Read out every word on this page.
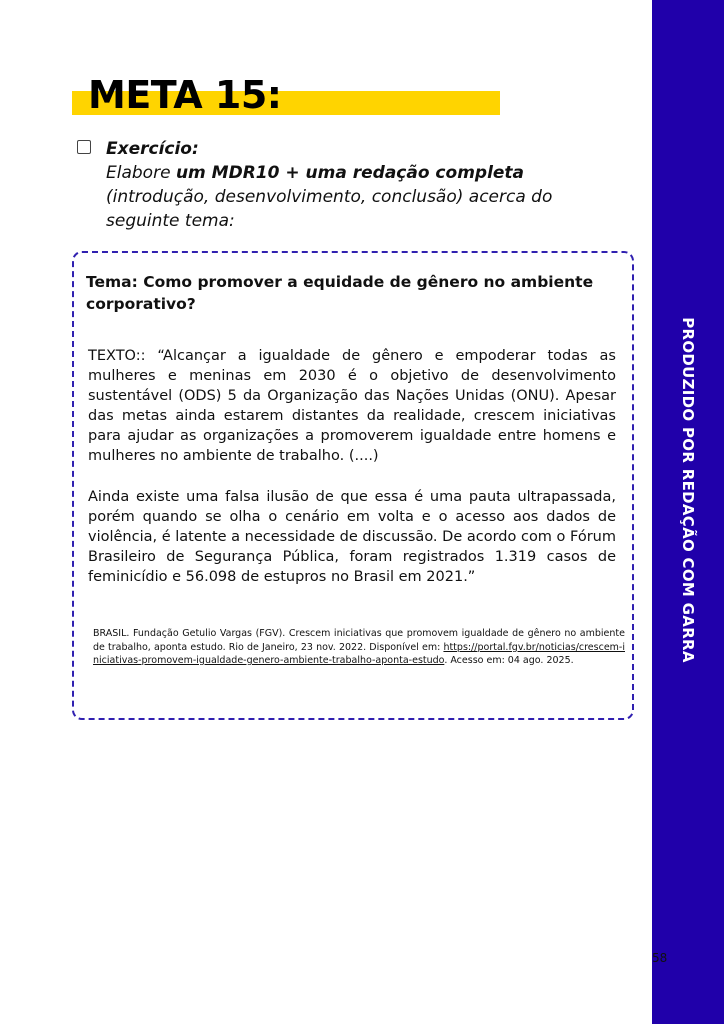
META 15:
Exercício:
Elabore um MDR10 + uma redação completa (introdução, desenvolvimento, conclusão) acerca do seguinte tema:
Tema: Como promover a equidade de gênero no ambiente corporativo?

TEXTO:: “Alcançar a igualdade de gênero e empoderar todas as mulheres e meninas em 2030 é o objetivo de desenvolvimento sustentável (ODS) 5 da Organização das Nações Unidas (ONU). Apesar das metas ainda estarem distantes da realidade, crescem iniciativas para ajudar as organizações a promoverem igualdade entre homens e mulheres no ambiente de trabalho. (....)

Ainda existe uma falsa ilusão de que essa é uma pauta ultrapassada, porém quando se olha o cenário em volta e o acesso aos dados de violência, é latente a necessidade de discussão. De acordo com o Fórum Brasileiro de Segurança Pública, foram registrados 1.319 casos de feminicídio e 56.098 de estupros no Brasil em 2021.”

BRASIL. Fundação Getulio Vargas (FGV). Crescem iniciativas que promovem igualdade de gênero no ambiente de trabalho, aponta estudo. Rio de Janeiro, 23 nov. 2022. Disponível em: https://portal.fgv.br/noticias/crescem-iniciativas-promovem-igualdade-genero-ambiente-trabalho-aponta-estudo. Acesso em: 04 ago. 2025.	PRODUZIDO POR REDAÇÃO COM GARRA
58
